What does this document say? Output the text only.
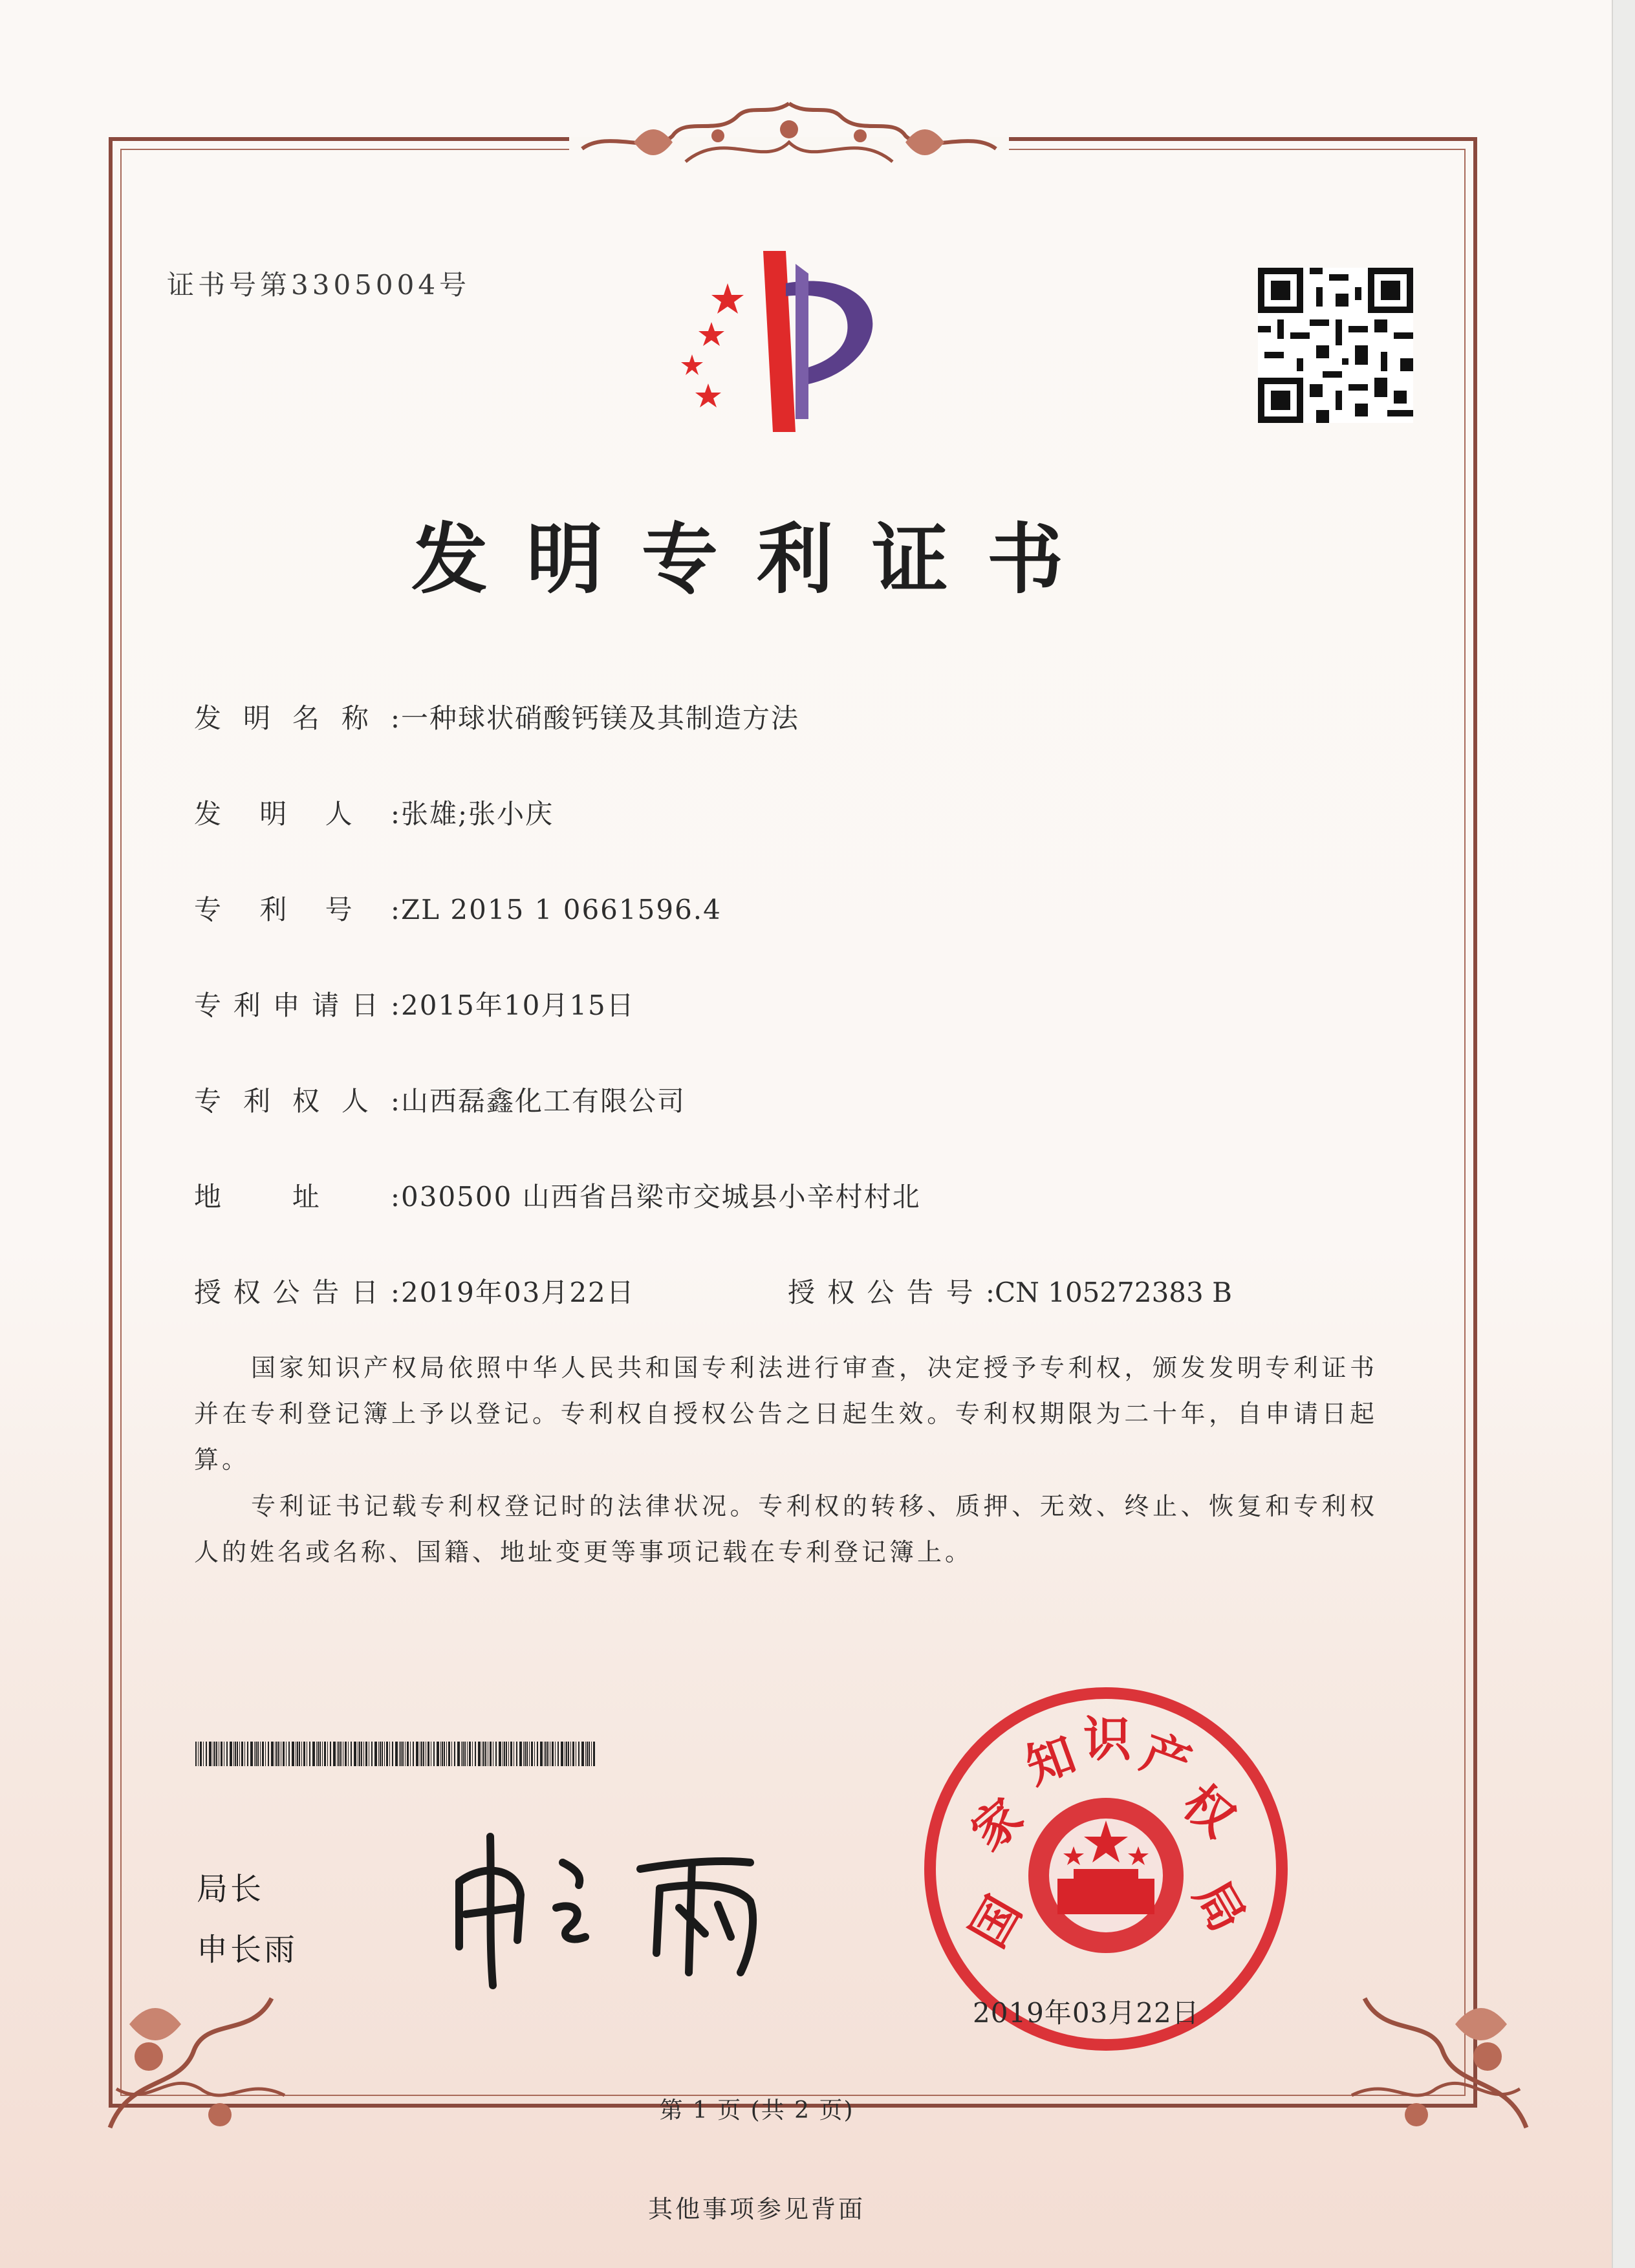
证书号第3305004号
发明专利证书
发明名称:一种球状硝酸钙镁及其制造方法
发明人:张雄;张小庆
专利号:ZL 2015 1 0661596.4
专利申请日:2015年10月15日
专利权人:山西磊鑫化工有限公司
地址:030500 山西省吕梁市交城县小辛村村北
授权公告日:2019年03月22日	授权公告号:CN 105272383 B
国家知识产权局依照中华人民共和国专利法进行审查，决定授予专利权，颁发发明专利证书并在专利登记簿上予以登记。专利权自授权公告之日起生效。专利权期限为二十年，自申请日起算。
专利证书记载专利权登记时的法律状况。专利权的转移、质押、无效、终止、恢复和专利权人的姓名或名称、国籍、地址变更等事项记载在专利登记簿上。
局长
申长雨	国
家
知 识 产
权
局
2019年03月22日
第 1 页 (共 2 页)
其他事项参见背面
